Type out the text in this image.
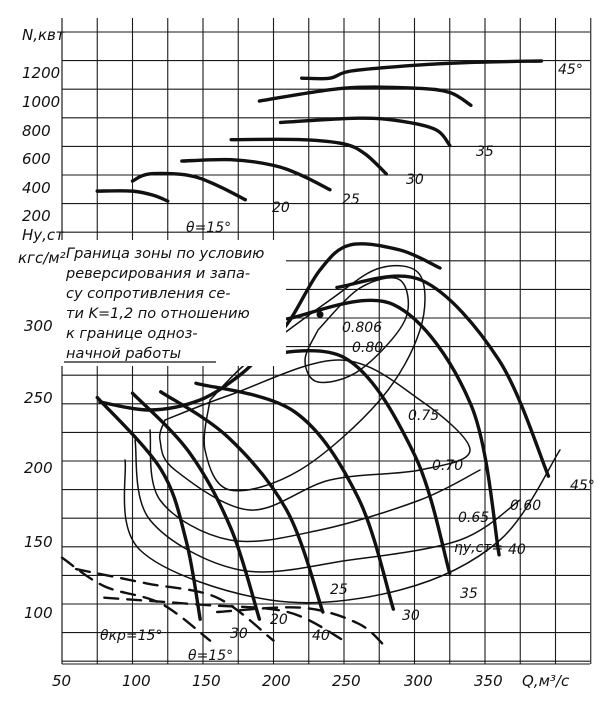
Граница зоны по условию
реверсирования и запа-
су сопротивления се-
ти K=1,2 по отношению
к границе одноз-
начной работы
N,квт
Hу,ст
кгс/м²
Q,м³/с
1200
1000
800
600
400
200
300
250
200
150
100
50	100	150	200	250	300	350
θ=15°
20	25
30
35
45°
25
30
35
40
45°
θ=15°
20
30	40
θкр=15°
0.806
0.80
0.75
0.70
0.65
0.60
ηу,ст=
